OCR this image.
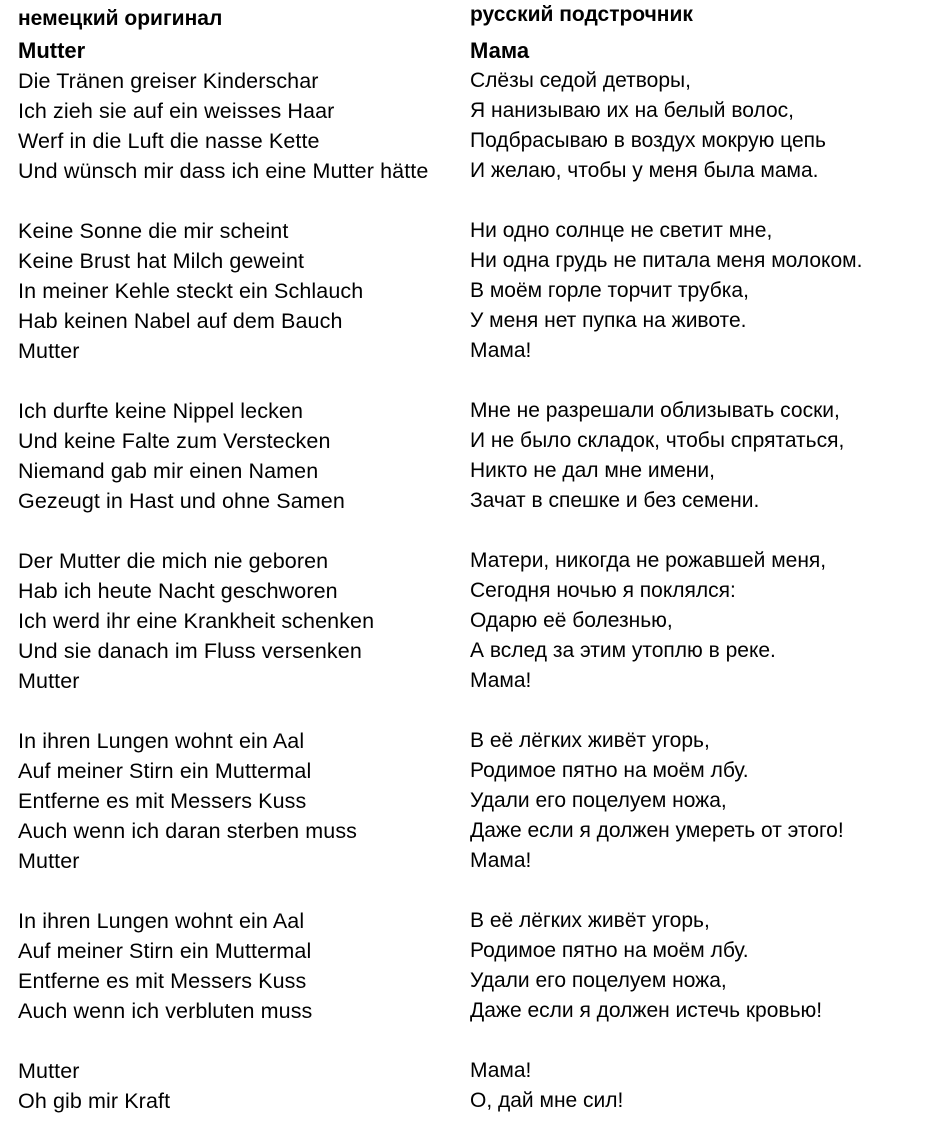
немецкий оригинал
Mutter
Die Tränen greiser Kinderschar
Ich zieh sie auf ein weisses Haar
Werf in die Luft die nasse Kette
Und wünsch mir dass ich eine Mutter hätte
Keine Sonne die mir scheint
Keine Brust hat Milch geweint
In meiner Kehle steckt ein Schlauch
Hab keinen Nabel auf dem Bauch
Mutter
Ich durfte keine Nippel lecken
Und keine Falte zum Verstecken
Niemand gab mir einen Namen
Gezeugt in Hast und ohne Samen
Der Mutter die mich nie geboren
Hab ich heute Nacht geschworen
Ich werd ihr eine Krankheit schenken
Und sie danach im Fluss versenken
Mutter
In ihren Lungen wohnt ein Aal
Auf meiner Stirn ein Muttermal
Entferne es mit Messers Kuss
Auch wenn ich daran sterben muss
Mutter
In ihren Lungen wohnt ein Aal
Auf meiner Stirn ein Muttermal
Entferne es mit Messers Kuss
Auch wenn ich verbluten muss
Mutter
Oh gib mir Kraft
русский подстрочник
Мама
Слёзы седой детворы,
Я нанизываю их на белый волос,
Подбрасываю в воздух мокрую цепь
И желаю, чтобы у меня была мама.
Ни одно солнце не светит мне,
Ни одна грудь не питала меня молоком.
В моём горле торчит трубка,
У меня нет пупка на животе.
Мама!
Мне не разрешали облизывать соски,
И не было складок, чтобы спрятаться,
Никто не дал мне имени,
Зачат в спешке и без семени.
Матери, никогда не рожавшей меня,
Сегодня ночью я поклялся:
Одарю её болезнью,
А вслед за этим утоплю в реке.
Мама!
В её лёгких живёт угорь,
Родимое пятно на моём лбу.
Удали его поцелуем ножа,
Даже если я должен умереть от этого!
Мама!
В её лёгких живёт угорь,
Родимое пятно на моём лбу.
Удали его поцелуем ножа,
Даже если я должен истечь кровью!
Мама!
О, дай мне сил!
